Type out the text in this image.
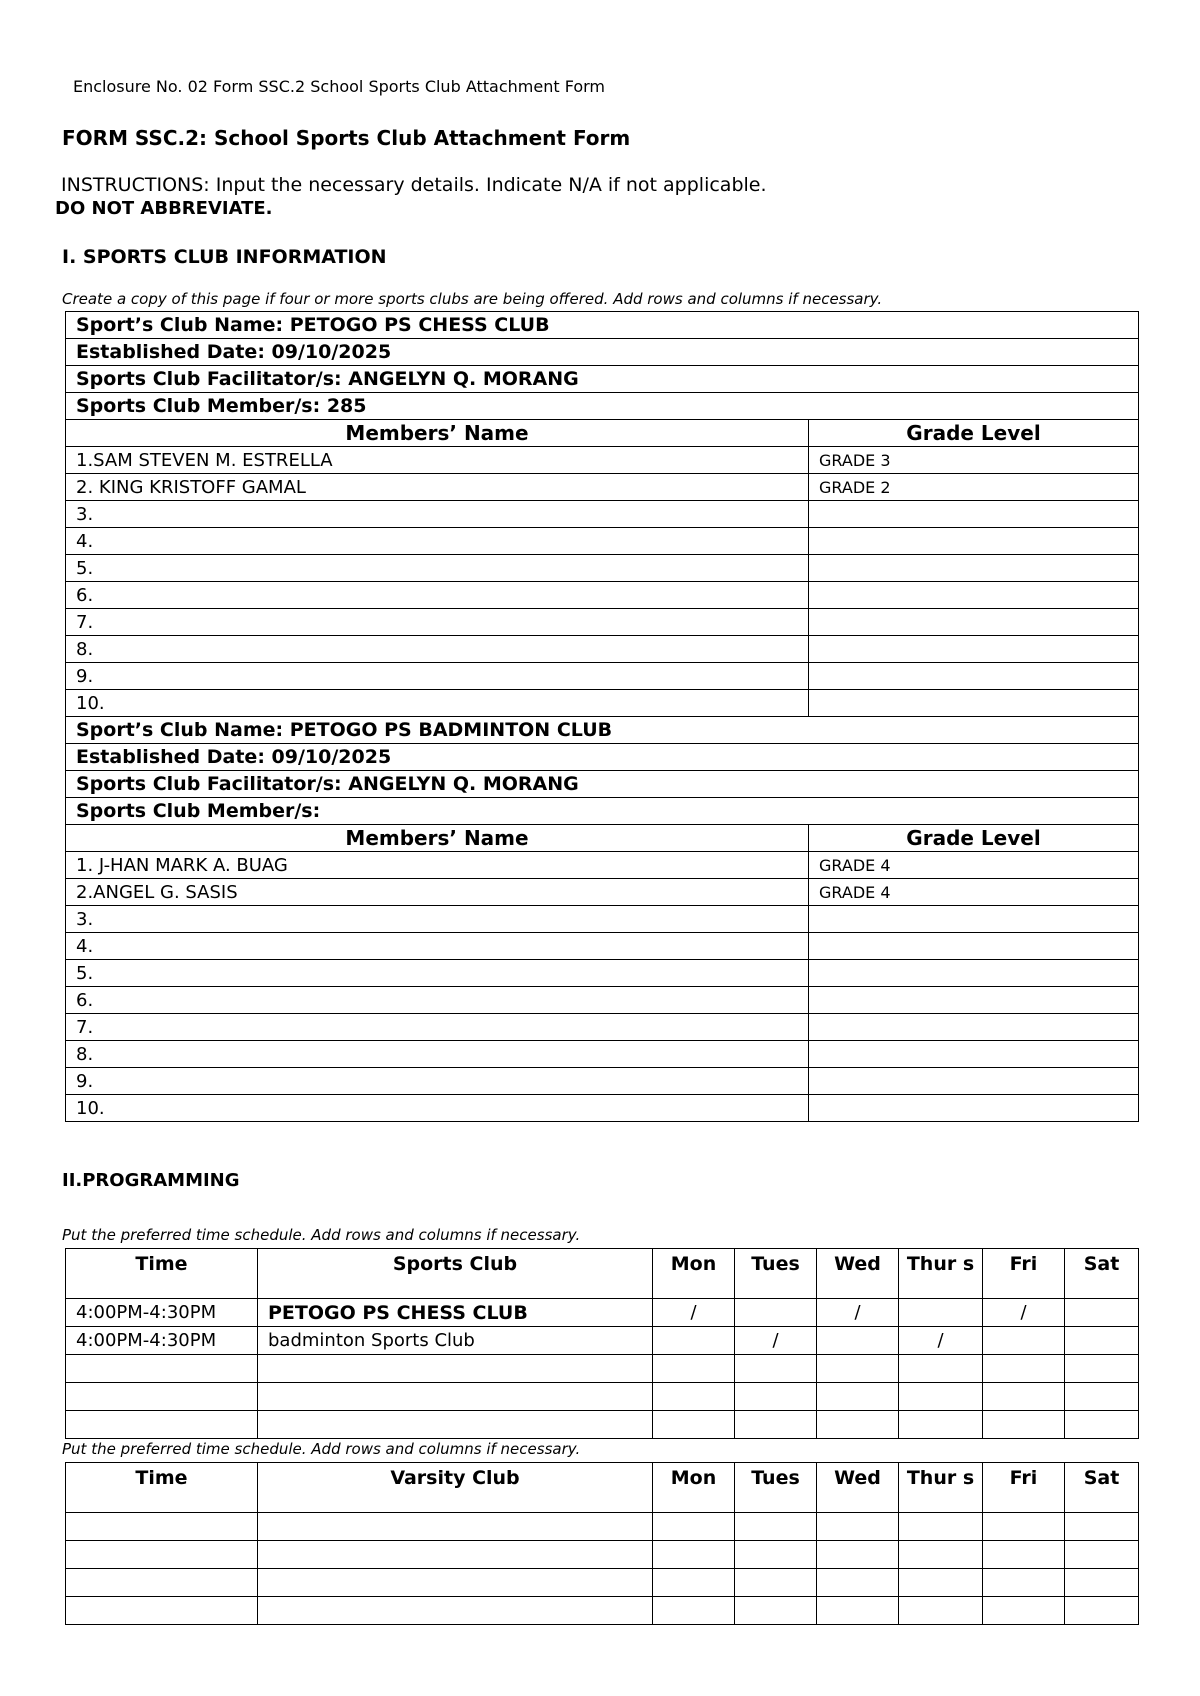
Enclosure No. 02 Form SSC.2 School Sports Club Attachment Form
FORM SSC.2: School Sports Club Attachment Form
INSTRUCTIONS: Input the necessary details. Indicate N/A if not applicable.
DO NOT ABBREVIATE.
I. SPORTS CLUB INFORMATION
Create a copy of this page if four or more sports clubs are being offered. Add rows and columns if necessary.
Sport’s Club Name: PETOGO PS CHESS CLUB	
Established Date: 09/10/2025	
Sports Club Facilitator/s: ANGELYN Q. MORANG	
Sports Club Member/s: 285	
Members’ Name	Grade Level
1.SAM STEVEN M. ESTRELLA	GRADE 3
2. KING KRISTOFF GAMAL	GRADE 2
3.	
4.	
5.	
6.	
7.	
8.	
9.	
10.	
Sport’s Club Name: PETOGO PS BADMINTON CLUB	
Established Date: 09/10/2025	
Sports Club Facilitator/s: ANGELYN Q. MORANG	
Sports Club Member/s:	
Members’ Name	Grade Level
1. J-HAN MARK A. BUAG	GRADE 4
2.ANGEL G. SASIS	GRADE 4
3.	
4.	
5.	
6.	
7.	
8.	
9.	
10.	
II.PROGRAMMING
Put the preferred time schedule. Add rows and columns if necessary.
Time	Sports Club	Mon	Tues	Wed	Thur s	Fri	Sat
4:00PM-4:30PM	PETOGO PS CHESS CLUB	/		/		/	
4:00PM-4:30PM	badminton Sports Club		/		/		

Put the preferred time schedule. Add rows and columns if necessary.
Time	Varsity Club	Mon	Tues	Wed	Thur s	Fri	Sat
